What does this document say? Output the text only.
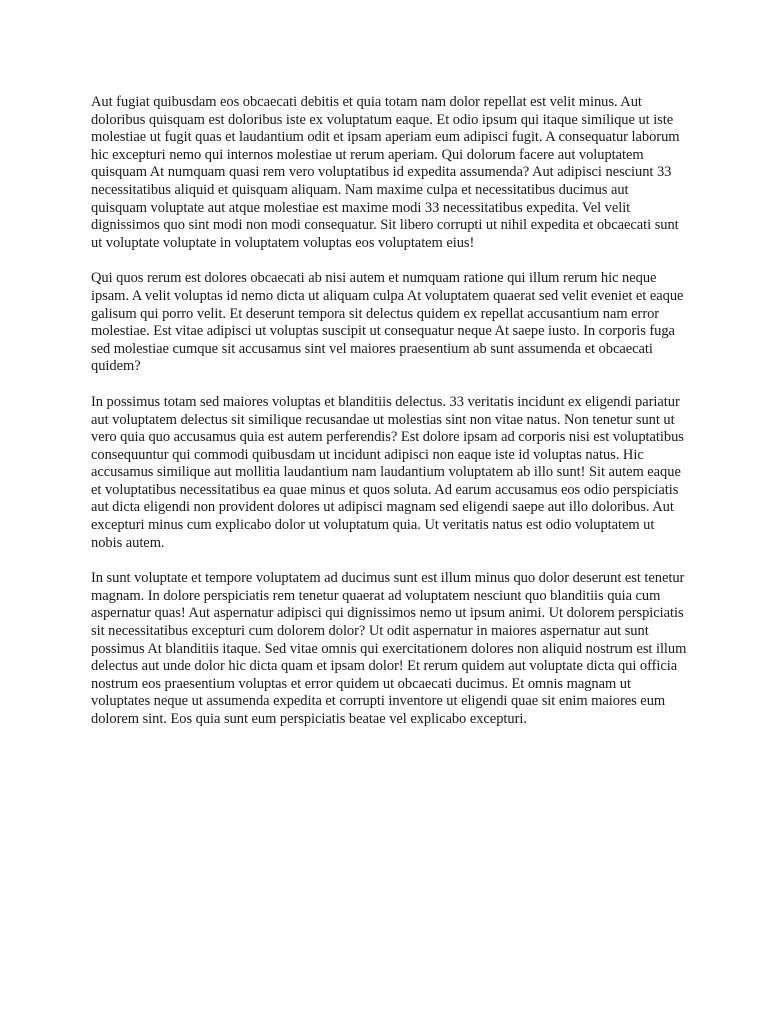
Aut fugiat quibusdam eos obcaecati debitis et quia totam nam dolor repellat est velit minus. Aut doloribus quisquam est doloribus iste ex voluptatum eaque. Et odio ipsum qui itaque similique ut iste molestiae ut fugit quas et laudantium odit et ipsam aperiam eum adipisci fugit. A consequatur laborum hic excepturi nemo qui internos molestiae ut rerum aperiam. Qui dolorum facere aut voluptatem quisquam At numquam quasi rem vero voluptatibus id expedita assumenda? Aut adipisci nesciunt 33 necessitatibus aliquid et quisquam aliquam. Nam maxime culpa et necessitatibus ducimus aut quisquam voluptate aut atque molestiae est maxime modi 33 necessitatibus expedita. Vel velit dignissimos quo sint modi non modi consequatur. Sit libero corrupti ut nihil expedita et obcaecati sunt ut voluptate voluptate in voluptatem voluptas eos voluptatem eius!

Qui quos rerum est dolores obcaecati ab nisi autem et numquam ratione qui illum rerum hic neque ipsam. A velit voluptas id nemo dicta ut aliquam culpa At voluptatem quaerat sed velit eveniet et eaque galisum qui porro velit. Et deserunt tempora sit delectus quidem ex repellat accusantium nam error molestiae. Est vitae adipisci ut voluptas suscipit ut consequatur neque At saepe iusto. In corporis fuga sed molestiae cumque sit accusamus sint vel maiores praesentium ab sunt assumenda et obcaecati quidem?

In possimus totam sed maiores voluptas et blanditiis delectus. 33 veritatis incidunt ex eligendi pariatur aut voluptatem delectus sit similique recusandae ut molestias sint non vitae natus. Non tenetur sunt ut vero quia quo accusamus quia est autem perferendis? Est dolore ipsam ad corporis nisi est voluptatibus consequuntur qui commodi quibusdam ut incidunt adipisci non eaque iste id voluptas natus. Hic accusamus similique aut mollitia laudantium nam laudantium voluptatem ab illo sunt! Sit autem eaque et voluptatibus necessitatibus ea quae minus et quos soluta. Ad earum accusamus eos odio perspiciatis aut dicta eligendi non provident dolores ut adipisci magnam sed eligendi saepe aut illo doloribus. Aut excepturi minus cum explicabo dolor ut voluptatum quia. Ut veritatis natus est odio voluptatem ut nobis autem.

In sunt voluptate et tempore voluptatem ad ducimus sunt est illum minus quo dolor deserunt est tenetur magnam. In dolore perspiciatis rem tenetur quaerat ad voluptatem nesciunt quo blanditiis quia cum aspernatur quas! Aut aspernatur adipisci qui dignissimos nemo ut ipsum animi. Ut dolorem perspiciatis sit necessitatibus excepturi cum dolorem dolor? Ut odit aspernatur in maiores aspernatur aut sunt possimus At blanditiis itaque. Sed vitae omnis qui exercitationem dolores non aliquid nostrum est illum delectus aut unde dolor hic dicta quam et ipsam dolor! Et rerum quidem aut voluptate dicta qui officia nostrum eos praesentium voluptas et error quidem ut obcaecati ducimus. Et omnis magnam ut voluptates neque ut assumenda expedita et corrupti inventore ut eligendi quae sit enim maiores eum dolorem sint. Eos quia sunt eum perspiciatis beatae vel explicabo excepturi.
